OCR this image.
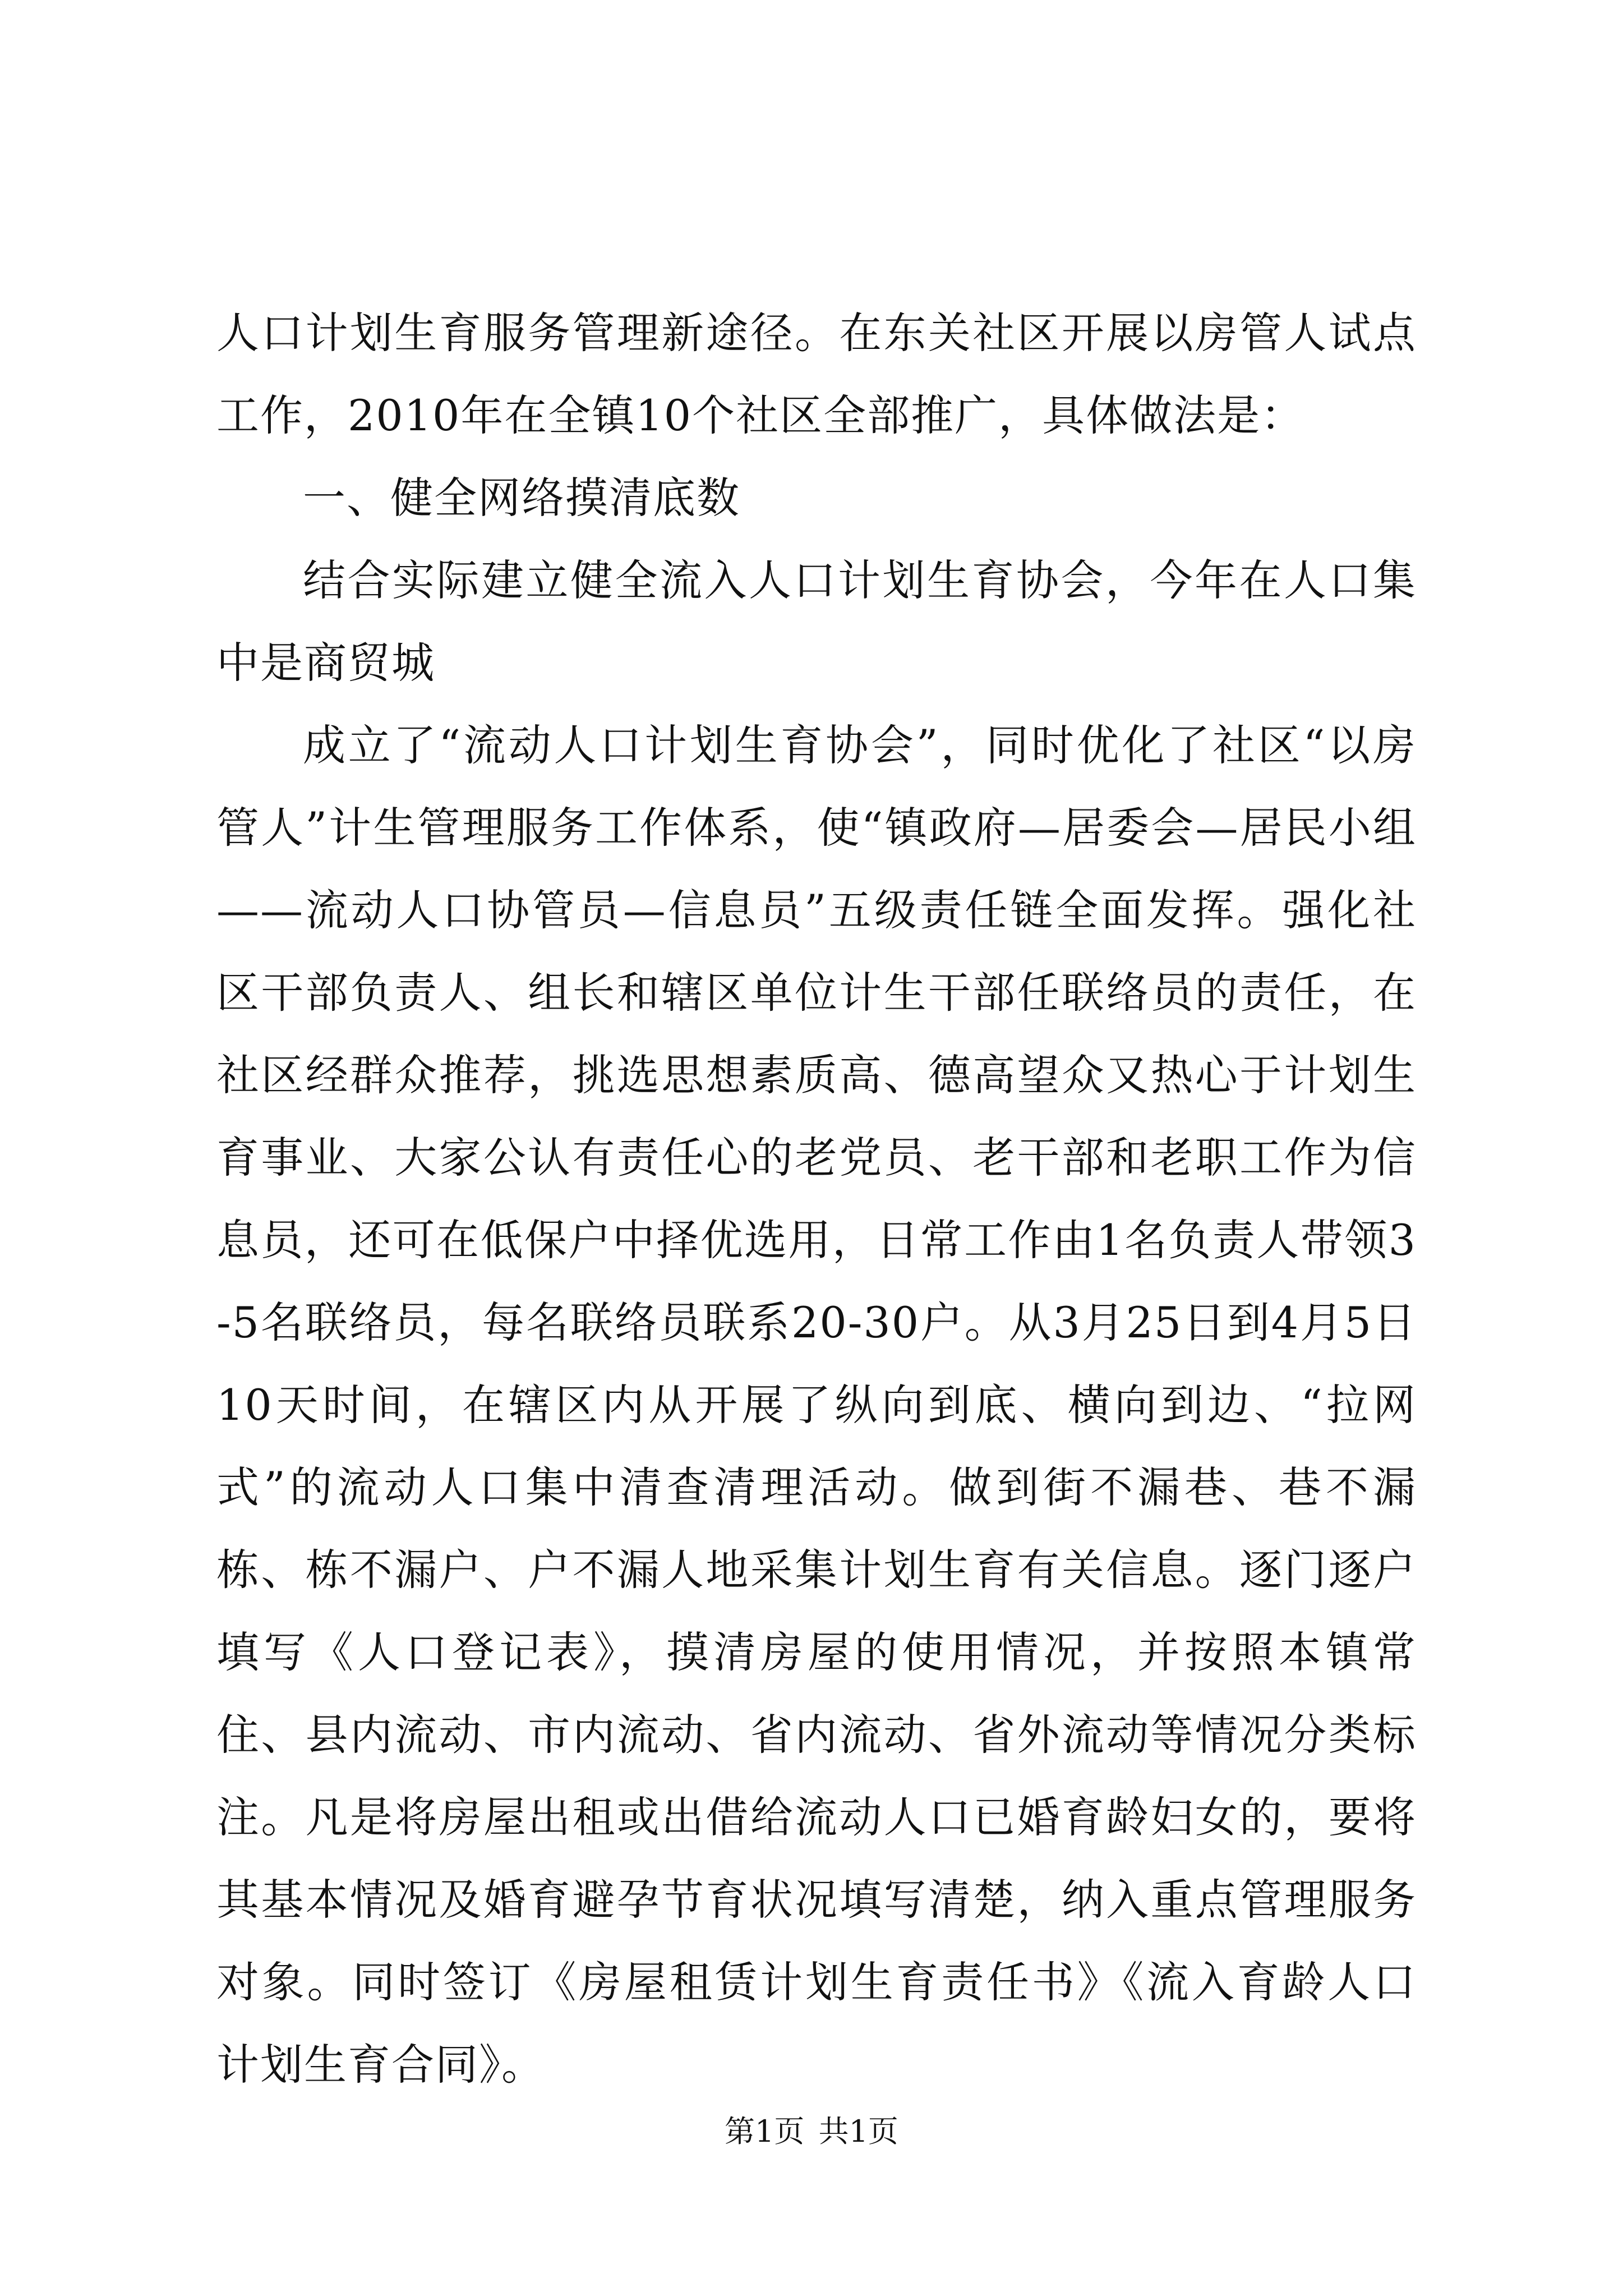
人口计划生育服务管理新途径。在东关社区开展以房管人试点工作，2010年在全镇10个社区全部推广，具体做法是：

一、健全网络摸清底数

结合实际建立健全流入人口计划生育协会，今年在人口集中是商贸城

成立了“流动人口计划生育协会”，同时优化了社区“以房管人”计生管理服务工作体系，使“镇政府—居委会—居民小组——流动人口协管员—信息员”五级责任链全面发挥。强化社区干部负责人、组长和辖区单位计生干部任联络员的责任，在社区经群众推荐，挑选思想素质高、德高望众又热心于计划生育事业、大家公认有责任心的老党员、老干部和老职工作为信息员，还可在低保户中择优选用，日常工作由1名负责人带领3-5名联络员，每名联络员联系20-30户。从3月25日到4月5日10天时间，在辖区内从开展了纵向到底、横向到边、“拉网式”的流动人口集中清查清理活动。做到街不漏巷、巷不漏栋、栋不漏户、户不漏人地采集计划生育有关信息。逐门逐户填写《人口登记表》，摸清房屋的使用情况，并按照本镇常住、县内流动、市内流动、省内流动、省外流动等情况分类标注。凡是将房屋出租或出借给流动人口已婚育龄妇女的，要将其基本情况及婚育避孕节育状况填写清楚，纳入重点管理服务对象。同时签订《房屋租赁计划生育责任书》《流入育龄人口计划生育合同》。

第1页 共1页
